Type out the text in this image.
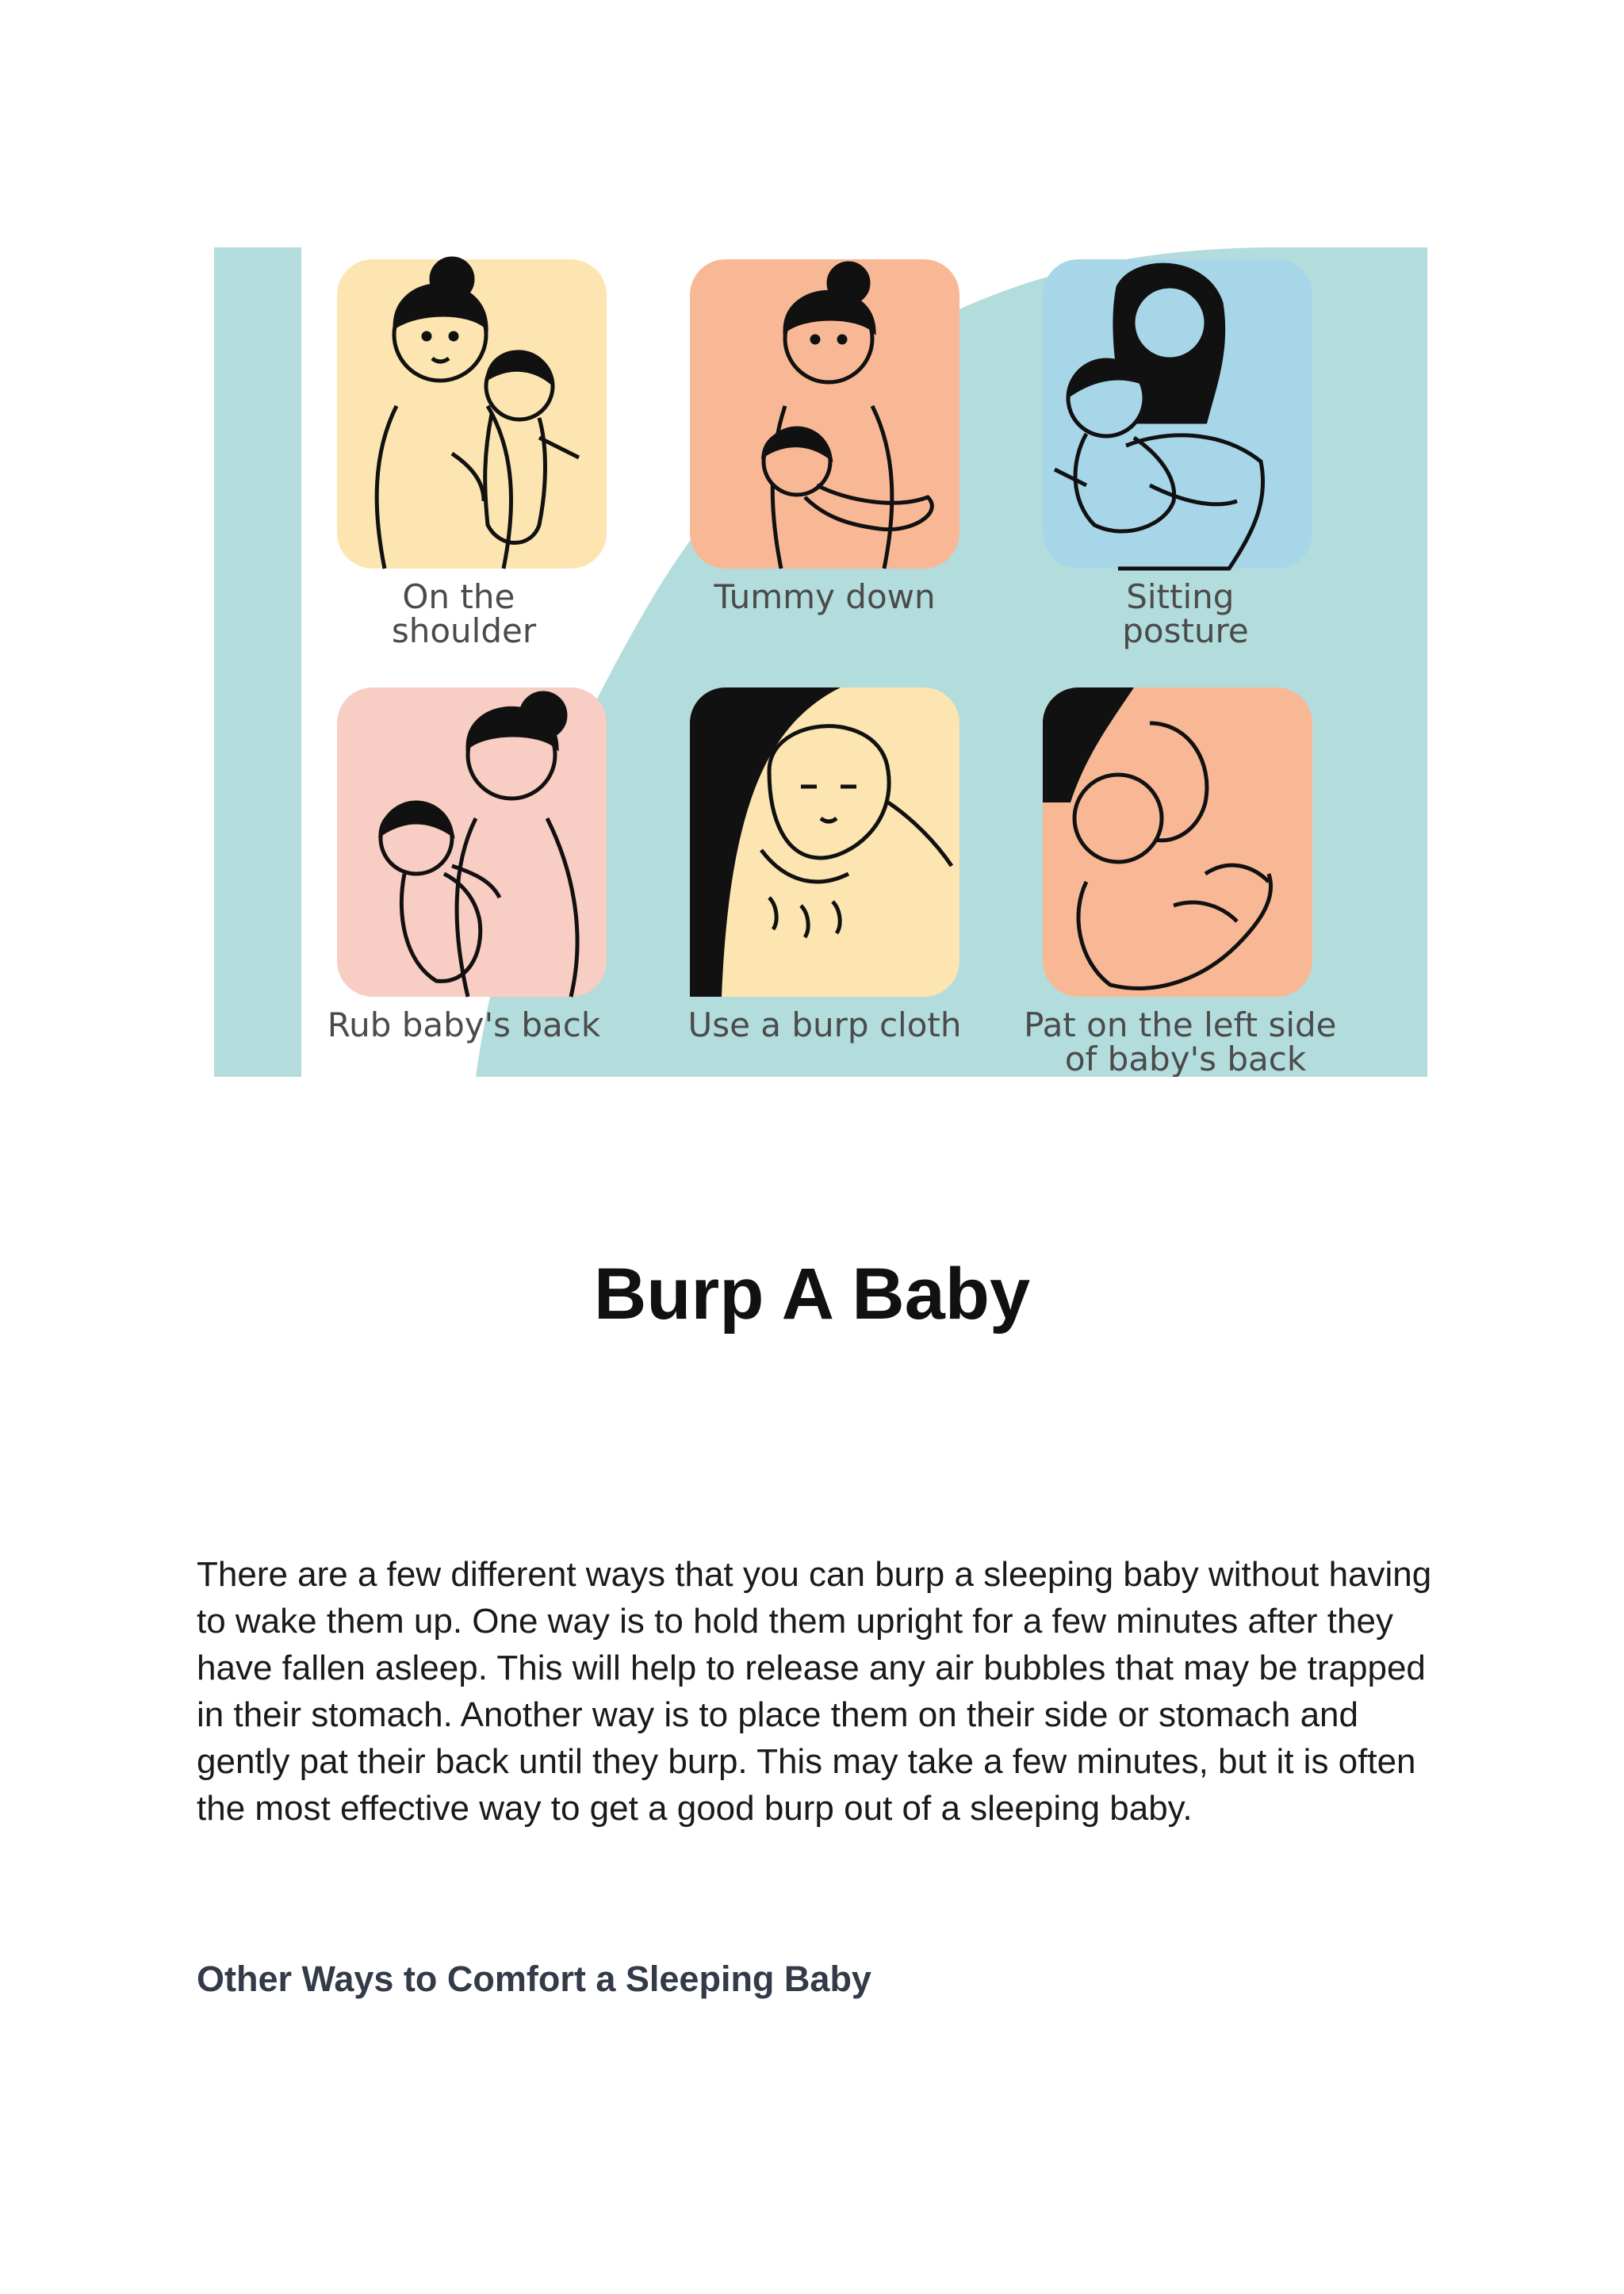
On the shoulder
Tummy down	Sitting posture
Rub baby's back	Use a burp cloth Pat on the left side of baby's back
Burp A Baby

There are a few different ways that you can burp a sleeping baby without having to wake them up. One way is to hold them upright for a few minutes after they have fallen asleep. This will help to release any air bubbles that may be trapped in their stomach. Another way is to place them on their side or stomach and gently pat their back until they burp. This may take a few minutes, but it is often the most effective way to get a good burp out of a sleeping baby.

Other Ways to Comfort a Sleeping Baby
